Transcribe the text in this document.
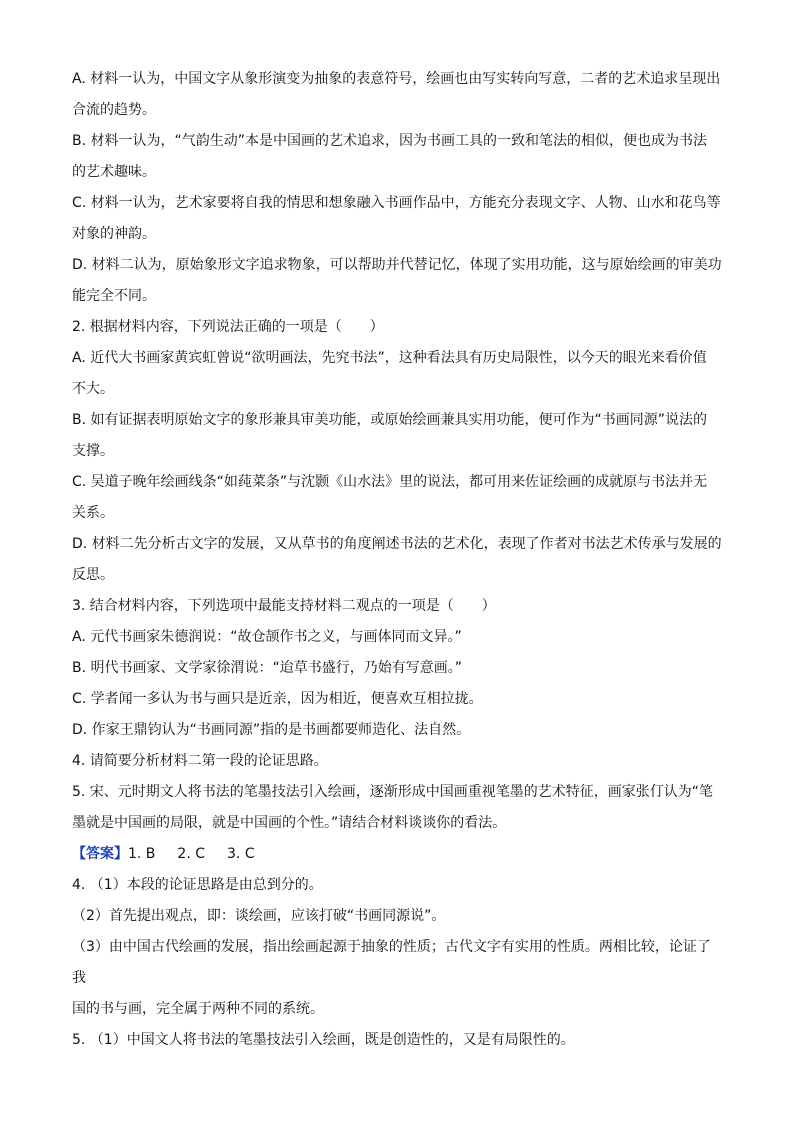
A. 材料一认为，中国文字从象形演变为抽象的表意符号，绘画也由写实转向写意，二者的艺术追求呈现出

合流的趋势。

B. 材料一认为，“气韵生动”本是中国画的艺术追求，因为书画工具的一致和笔法的相似，便也成为书法

的艺术趣味。

C. 材料一认为，艺术家要将自我的情思和想象融入书画作品中，方能充分表现文字、人物、山水和花鸟等

对象的神韵。

D. 材料二认为，原始象形文字追求物象，可以帮助并代替记忆，体现了实用功能，这与原始绘画的审美功

能完全不同。

2. 根据材料内容，下列说法正确的一项是（　　）

A. 近代大书画家黄宾虹曾说“欲明画法，先究书法”，这种看法具有历史局限性，以今天的眼光来看价值

不大。

B. 如有证据表明原始文字的象形兼具审美功能，或原始绘画兼具实用功能，便可作为“书画同源”说法的

支撑。

C. 吴道子晚年绘画线条“如莼菜条”与沈颢《山水法》里的说法，都可用来佐证绘画的成就原与书法并无

关系。

D. 材料二先分析古文字的发展，又从草书的角度阐述书法的艺术化，表现了作者对书法艺术传承与发展的

反思。

3. 结合材料内容，下列选项中最能支持材料二观点的一项是（　　）

A. 元代书画家朱德润说：“故仓颉作书之义，与画体同而文异。”

B. 明代书画家、文学家徐渭说：“迨草书盛行，乃始有写意画。”

C. 学者闻一多认为书与画只是近亲，因为相近，便喜欢互相拉拢。

D. 作家王鼎钧认为“书画同源”指的是书画都要师造化、法自然。

4. 请简要分析材料二第一段的论证思路。

5. 宋、元时期文人将书法的笔墨技法引入绘画，逐渐形成中国画重视笔墨的艺术特征，画家张仃认为“笔

墨就是中国画的局限，就是中国画的个性。”请结合材料谈谈你的看法。

【答案】1. B 2. C 3. C

4. （1）本段的论证思路是由总到分的。

（2）首先提出观点，即：谈绘画，应该打破“书画同源说”。

（3）由中国古代绘画的发展，指出绘画起源于抽象的性质；古代文字有实用的性质。两相比较，论证了我

国的书与画，完全属于两种不同的系统。

5. （1）中国文人将书法的笔墨技法引入绘画，既是创造性的，又是有局限性的。
